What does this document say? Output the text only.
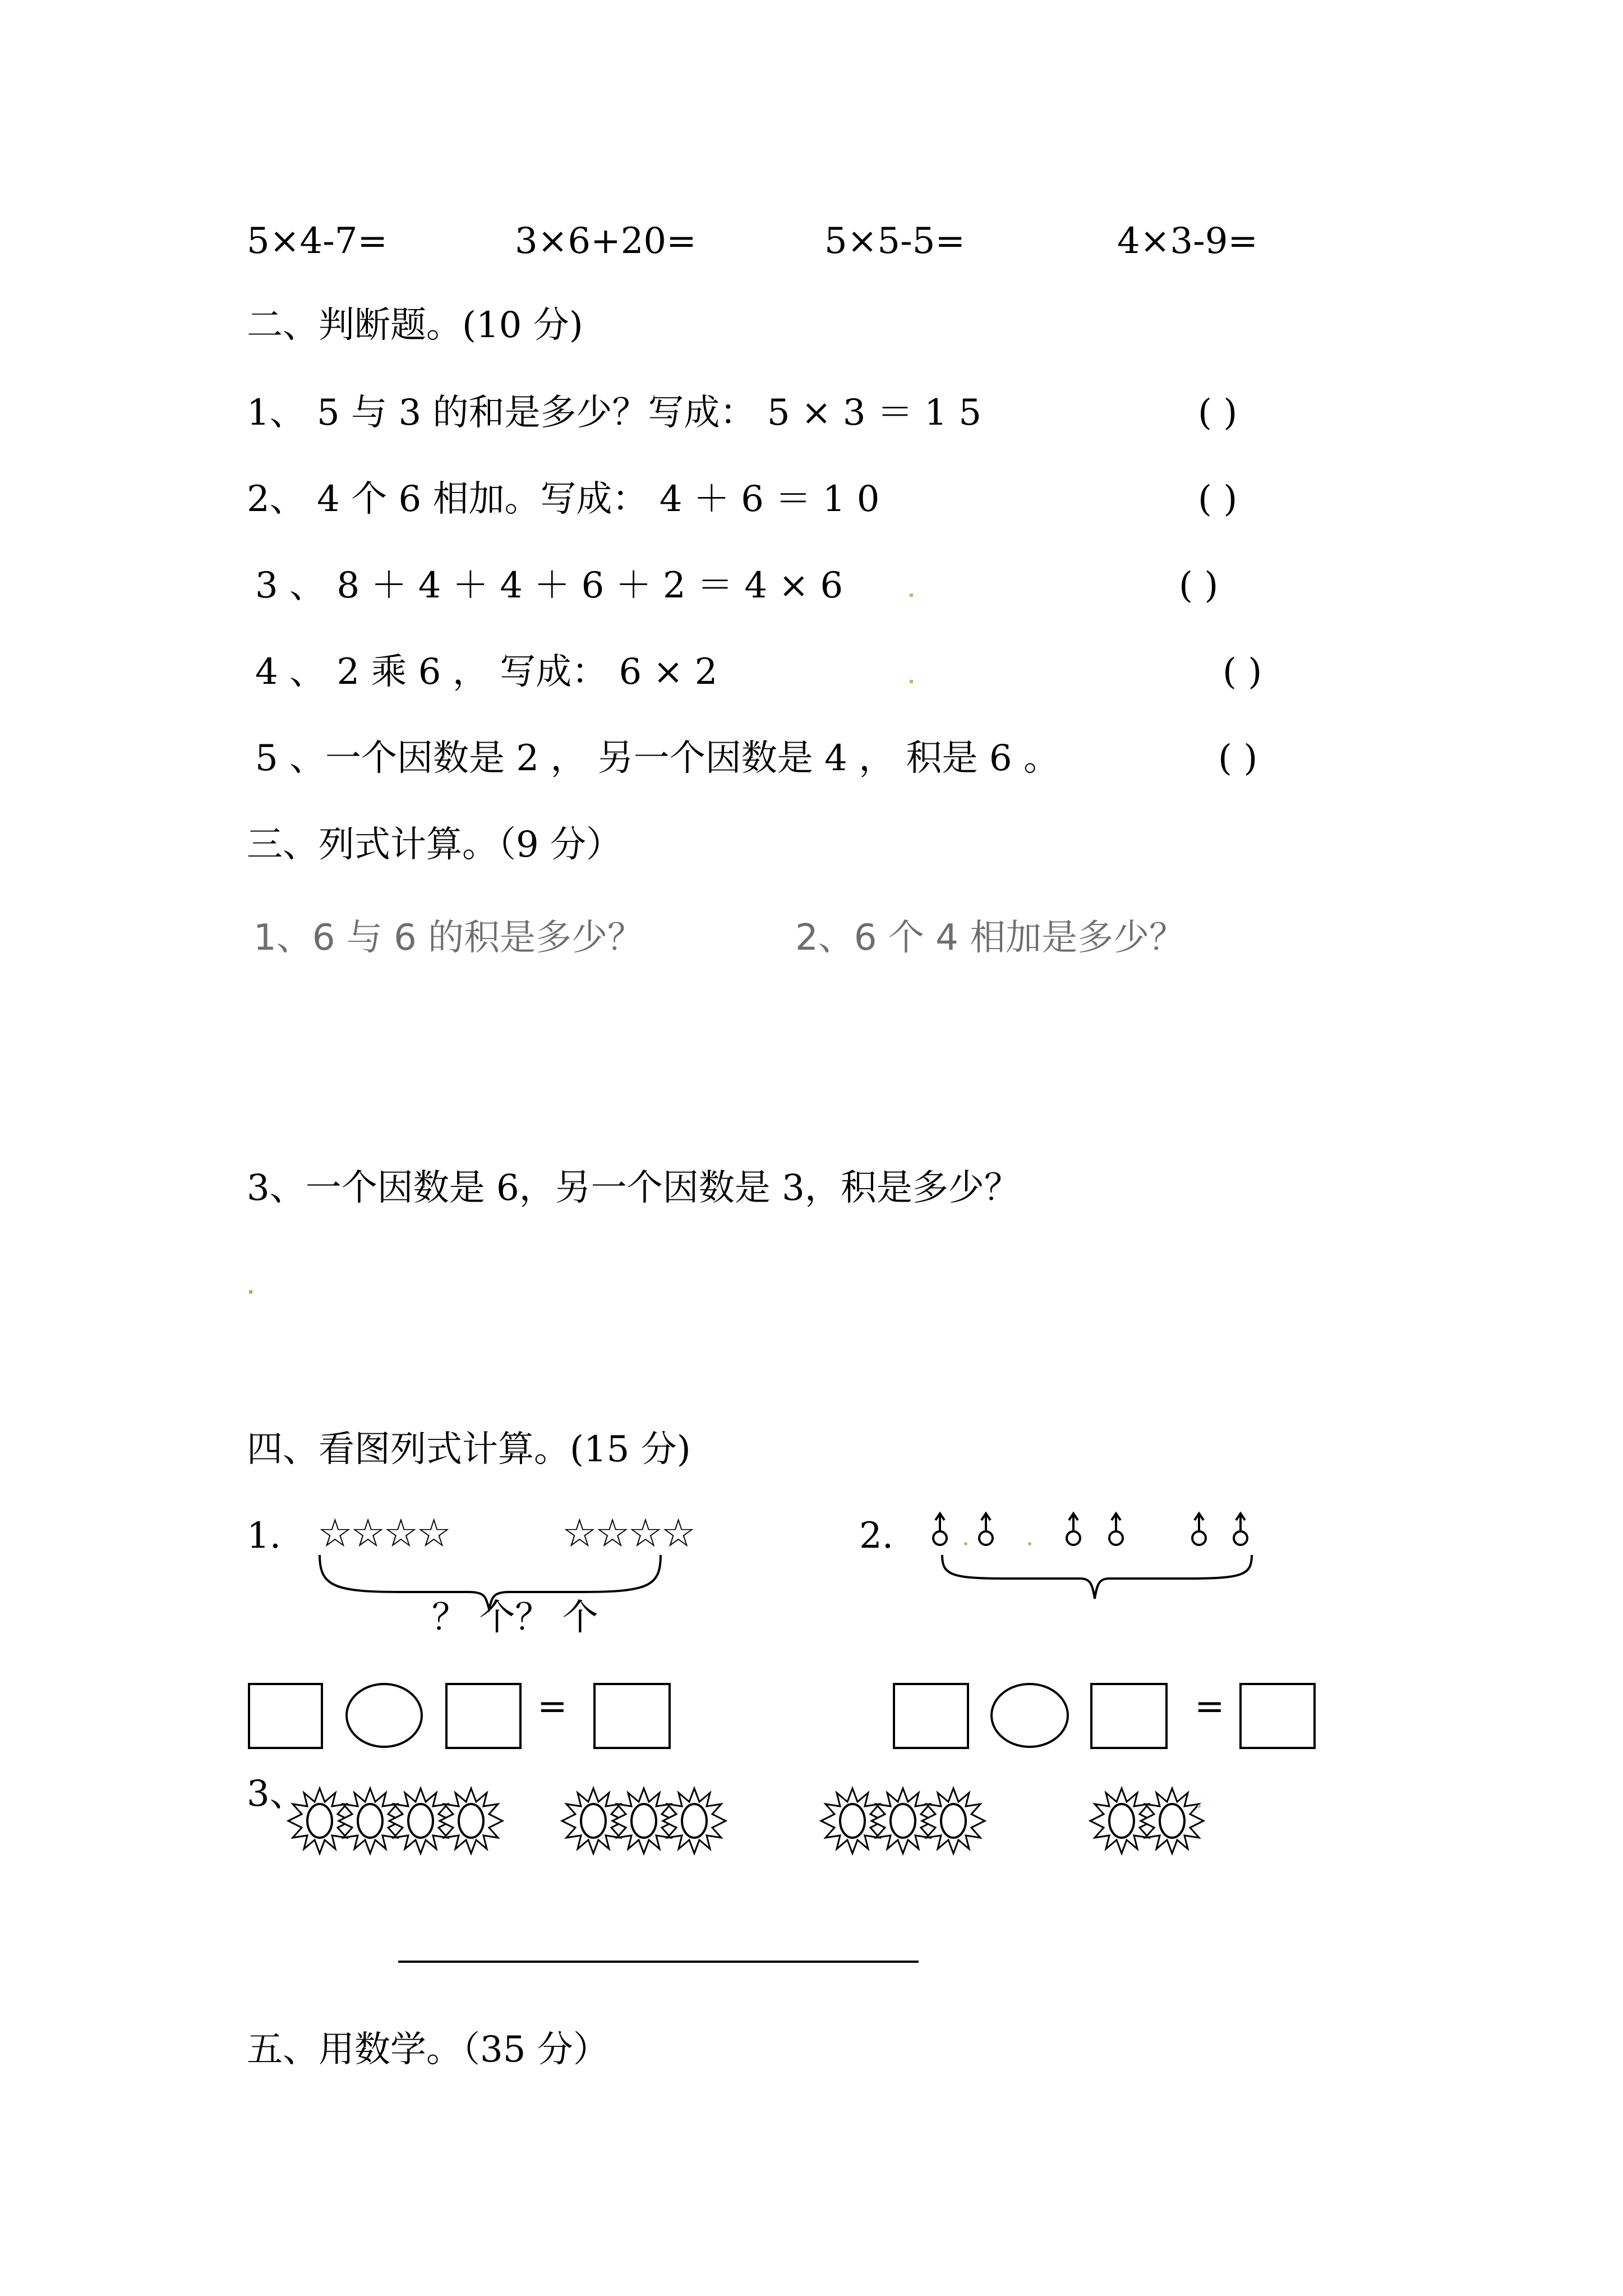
5×4-7=	3×6+20=	5×5-5=	4×3-9=
二、判断题。(10 分)
1、 5 与 3 的和是多少？写成： 5 × 3 ＝ 1 5	( )
2、 4 个 6 相加。写成： 4 ＋ 6 ＝ 1 0	( )
3 、 8 ＋ 4 ＋ 4 ＋ 6 ＋ 2 ＝ 4 × 6	( )
4 、 2 乘 6 ， 写成： 6 × 2	( )
5 、一个因数是 2 ， 另一个因数是 4 ， 积是 6 。	( )
三、列式计算。（9 分）
1、6 与 6 的积是多少？	2、6 个 4 相加是多少？
3、一个因数是 6，另一个因数是 3，积是多少？
四、看图列式计算。(15 分)
1. ☆☆☆☆	☆☆☆☆
？ 个？ 个
2.
=	=
3、
五、用数学。（35 分）
